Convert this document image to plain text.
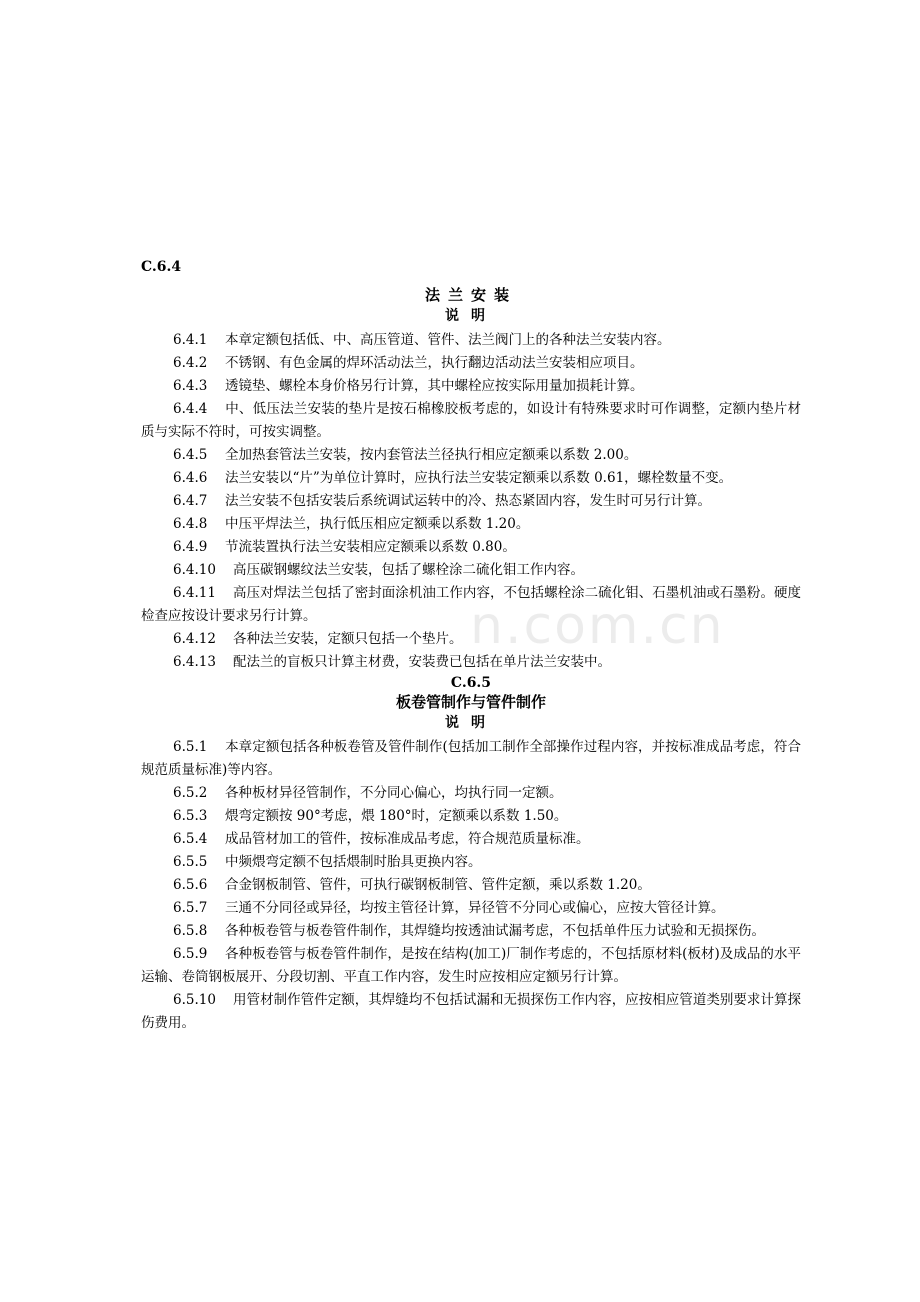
n.com.cn

C.6.4

法兰安装

说明

6.4.1 本章定额包括低、中、高压管道、管件、法兰阀门上的各种法兰安装内容。

6.4.2 不锈钢、有色金属的焊环活动法兰，执行翻边活动法兰安装相应项目。

6.4.3 透镜垫、螺栓本身价格另行计算，其中螺栓应按实际用量加损耗计算。

6.4.4 中、低压法兰安装的垫片是按石棉橡胶板考虑的，如设计有特殊要求时可作调整，定额内垫片材质与实际不符时，可按实调整。

6.4.5 全加热套管法兰安装，按内套管法兰径执行相应定额乘以系数 2.00。

6.4.6 法兰安装以“片”为单位计算时，应执行法兰安装定额乘以系数 0.61，螺栓数量不变。

6.4.7 法兰安装不包括安装后系统调试运转中的冷、热态紧固内容，发生时可另行计算。

6.4.8 中压平焊法兰，执行低压相应定额乘以系数 1.20。

6.4.9 节流装置执行法兰安装相应定额乘以系数 0.80。

6.4.10 高压碳钢螺纹法兰安装，包括了螺栓涂二硫化钼工作内容。

6.4.11 高压对焊法兰包括了密封面涂机油工作内容，不包括螺栓涂二硫化钼、石墨机油或石墨粉。硬度检查应按设计要求另行计算。

6.4.12 各种法兰安装，定额只包括一个垫片。

6.4.13 配法兰的盲板只计算主材费，安装费已包括在单片法兰安装中。

C.6.5

板卷管制作与管件制作

说明

6.5.1 本章定额包括各种板卷管及管件制作(包括加工制作全部操作过程内容，并按标准成品考虑，符合规范质量标准)等内容。

6.5.2 各种板材异径管制作，不分同心偏心，均执行同一定额。

6.5.3 煨弯定额按 90°考虑，煨 180°时，定额乘以系数 1.50。

6.5.4 成品管材加工的管件，按标准成品考虑，符合规范质量标准。

6.5.5 中频煨弯定额不包括煨制时胎具更换内容。

6.5.6 合金钢板制管、管件，可执行碳钢板制管、管件定额，乘以系数 1.20。

6.5.7 三通不分同径或异径，均按主管径计算，异径管不分同心或偏心，应按大管径计算。

6.5.8 各种板卷管与板卷管件制作，其焊缝均按透油试漏考虑，不包括单件压力试验和无损探伤。

6.5.9 各种板卷管与板卷管件制作，是按在结构(加工)厂制作考虑的，不包括原材料(板材)及成品的水平运输、卷筒钢板展开、分段切割、平直工作内容，发生时应按相应定额另行计算。

6.5.10 用管材制作管件定额，其焊缝均不包括试漏和无损探伤工作内容，应按相应管道类别要求计算探伤费用。
